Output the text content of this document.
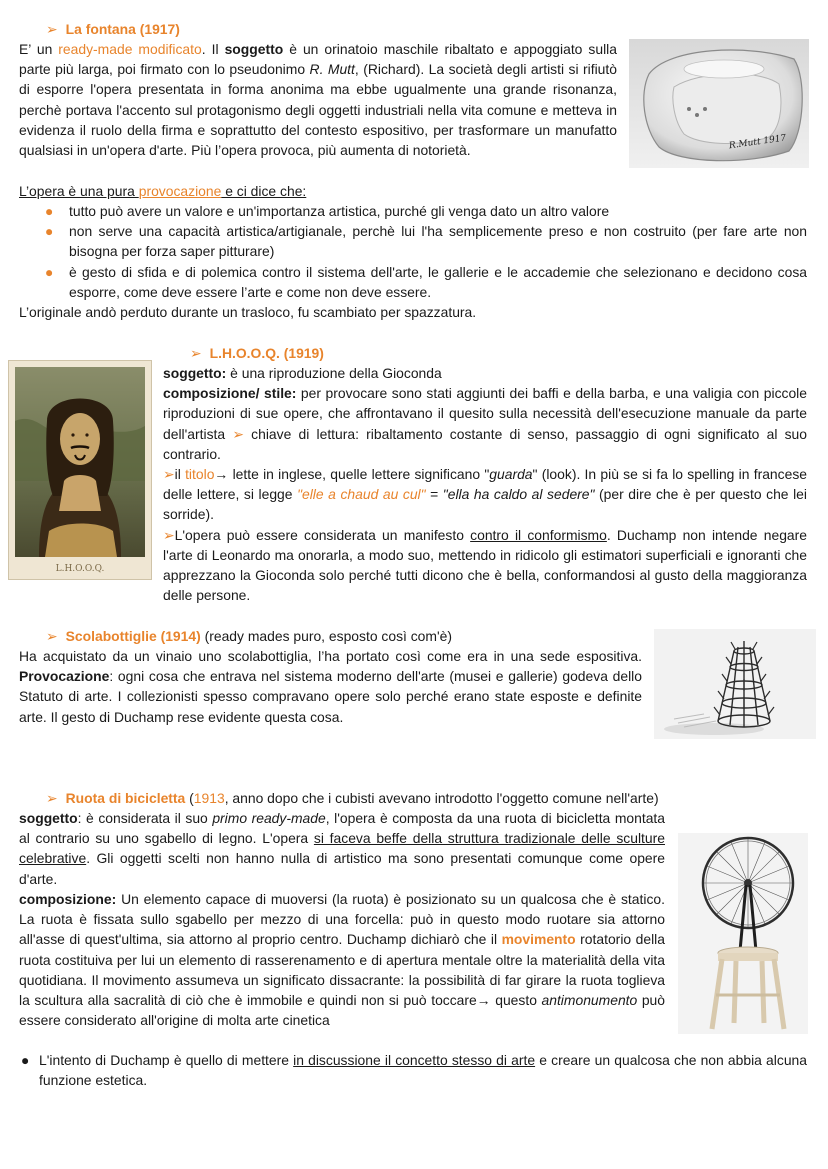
➢ La fontana (1917)
E’ un ready-made modificato. Il soggetto è un orinatoio maschile ribaltato e appoggiato sulla parte più larga, poi firmato con lo pseudonimo R. Mutt, (Richard). La società degli artisti si rifiutò di esporre l'opera presentata in forma anonima ma ebbe ugualmente una grande risonanza, perchè portava l'accento sul protagonismo degli oggetti industriali nella vita comune e metteva in evidenza il ruolo della firma e soprattutto del contesto espositivo, per trasformare un manufatto qualsiasi in un'opera d'arte. Più l’opera provoca, più aumenta di notorietà.
L’opera è una pura provocazione e ci dice che:
● tutto può avere un valore e un'importanza artistica, purché gli venga dato un altro valore
● non serve una capacità artistica/artigianale, perchè lui l'ha semplicemente preso e non costruito (per fare arte non bisogna per forza saper pitturare)
● è gesto di sfida e di polemica contro il sistema dell'arte, le gallerie e le accademie che selezionano e decidono cosa esporre, come deve essere l’arte e come non deve essere.
L’originale andò perduto durante un trasloco, fu scambiato per spazzatura.
R.Mutt 1917
➢ L.H.O.O.Q. (1919)
soggetto: è una riproduzione della Gioconda
composizione/ stile: per provocare sono stati aggiunti dei baffi e della barba, e una valigia con piccole riproduzioni di sue opere, che affrontavano il quesito sulla necessità dell'esecuzione manuale da parte dell'artista ➢ chiave di lettura: ribaltamento costante di senso, passaggio di ogni significato al suo contrario.
➢il titolo→ lette in inglese, quelle lettere significano "guarda" (look). In più se si fa lo spelling in francese delle lettere, si legge "elle a chaud au cul" = "ella ha caldo al sedere" (per dire che è per questo che lei sorride).
➢L'opera può essere considerata un manifesto contro il conformismo. Duchamp non intende negare l'arte di Leonardo ma onorarla, a modo suo, mettendo in ridicolo gli estimatori superficiali e ignoranti che apprezzano la Gioconda solo perché tutti dicono che è bella, conformandosi al gusto della maggioranza delle persone.
L.H.O.O.Q.
➢ Scolabottiglie (1914) (ready mades puro, esposto così com'è)
Ha acquistato da un vinaio uno scolabottiglia, l’ha portato così come era in una sede espositiva. Provocazione: ogni cosa che entrava nel sistema moderno dell'arte (musei e gallerie) godeva dello Statuto di arte. I collezionisti spesso compravano opere solo perché erano state esposte e definite arte. Il gesto di Duchamp rese evidente questa cosa.
➢ Ruota di bicicletta (1913, anno dopo che i cubisti avevano introdotto l'oggetto comune nell'arte)
soggetto: è considerata il suo primo ready-made, l'opera è composta da una ruota di bicicletta montata al contrario su uno sgabello di legno. L'opera si faceva beffe della struttura tradizionale delle sculture celebrative. Gli oggetti scelti non hanno nulla di artistico ma sono presentati comunque come opere d'arte.
composizione: Un elemento capace di muoversi (la ruota) è posizionato su un qualcosa che è statico. La ruota è fissata sullo sgabello per mezzo di una forcella: può in questo modo ruotare sia attorno all'asse di quest'ultima, sia attorno al proprio centro. Duchamp dichiarò che il movimento rotatorio della ruota costituiva per lui un elemento di rasserenamento e di apertura mentale oltre la materialità della vita quotidiana. Il movimento assumeva un significato dissacrante: la possibilità di far girare la ruota toglieva la scultura alla sacralità di ciò che è immobile e quindi non si può toccare→ questo antimonumento può essere considerato all'origine di molta arte cinetica
● L'intento di Duchamp è quello di mettere in discussione il concetto stesso di arte e creare un qualcosa che non abbia alcuna funzione estetica.
